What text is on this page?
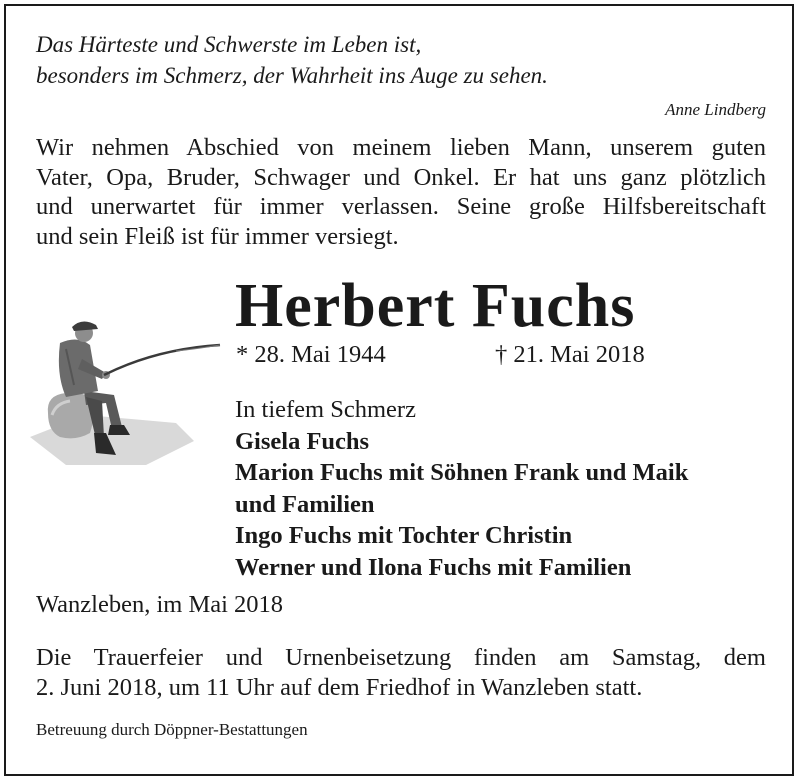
Das Härteste und Schwerste im Leben ist,
besonders im Schmerz, der Wahrheit ins Auge zu sehen.
Anne Lindberg
Wir nehmen Abschied von meinem lieben Mann, unserem guten
Vater, Opa, Bruder, Schwager und Onkel. Er hat uns ganz plötzlich
und unerwartet für immer verlassen. Seine große Hilfsbereitschaft
und sein Fleiß ist für immer versiegt.
Herbert Fuchs
* 28. Mai 1944	† 21. Mai 2018
In tiefem Schmerz
Gisela Fuchs
Marion Fuchs mit Söhnen Frank und Maik
und Familien
Ingo Fuchs mit Tochter Christin
Werner und Ilona Fuchs mit Familien
Wanzleben, im Mai 2018
Die Trauerfeier und Urnenbeisetzung finden am Samstag, dem
2. Juni 2018, um 11 Uhr auf dem Friedhof in Wanzleben statt.
Betreuung durch Döppner-Bestattungen
